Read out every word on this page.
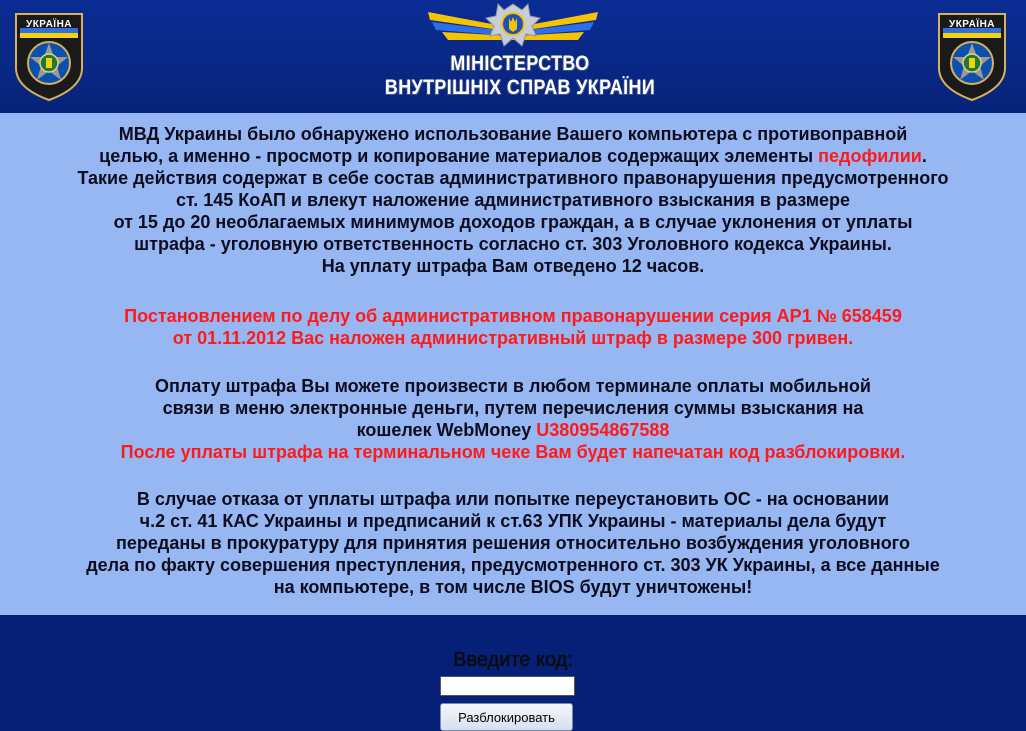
УКРАЇНА
МІНІСТЕРСТВО
ВНУТРІШНІХ СПРАВ УКРАЇНИ
УКРАЇНА

МВД Украины было обнаружено использование Вашего компьютера с противоправной

целью, а именно - просмотр и копирование материалов содержащих элементы педофилии.

Такие действия содержат в себе состав административного правонарушения предусмотренного

ст. 145 КоАП и влекут наложение административного взыскания в размере

от 15 до 20 необлагаемых минимумов доходов граждан, а в случае уклонения от уплаты

штрафа - уголовную ответственность согласно ст. 303 Уголовного кодекса Украины.

На уплату штрафа Вам отведено 12 часов.

Постановлением по делу об административном правонарушении серия АР1 № 658459

от 01.11.2012 Вас наложен административный штраф в размере 300 гривен.

Оплату штрафа Вы можете произвести в любом терминале оплаты мобильной

связи в меню электронные деньги, путем перечисления суммы взыскания на

кошелек WebMoney U380954867588

После уплаты штрафа на терминальном чеке Вам будет напечатан код разблокировки.

В случае отказа от уплаты штрафа или попытке переустановить ОС - на основании

ч.2 ст. 41 КАС Украины и предписаний к ст.63 УПК Украины - материалы дела будут

переданы в прокуратуру для принятия решения относительно возбуждения уголовного

дела по факту совершения преступления, предусмотренного ст. 303 УК Украины, а все данные

на компьютере, в том числе BIOS будут уничтожены!

Введите код:
Разблокировать
